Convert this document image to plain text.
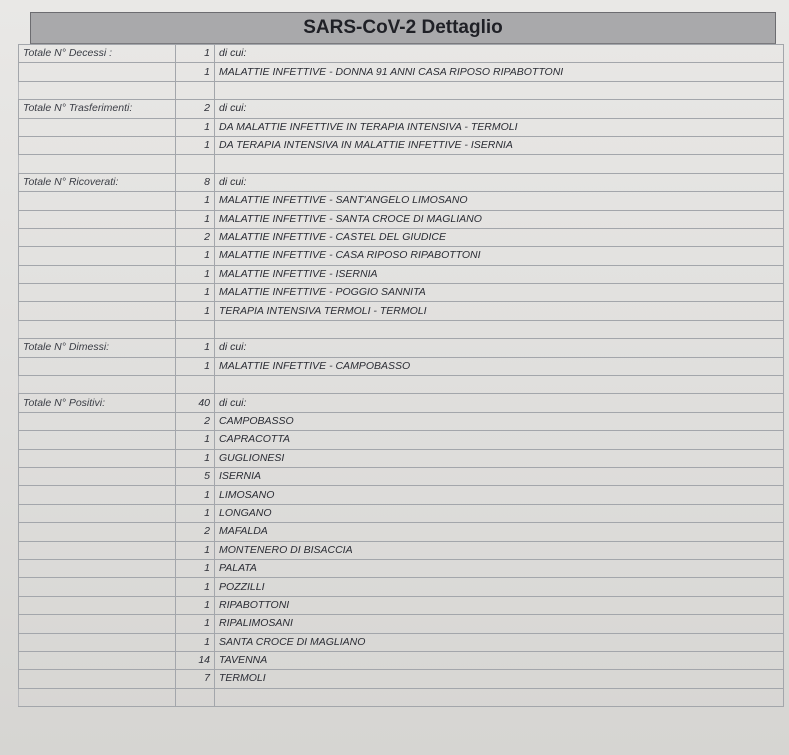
SARS-CoV-2 Dettaglio
Totale N° Decessi :	1	di cui:
	1	MALATTIE INFETTIVE - DONNA 91 ANNI CASA RIPOSO RIPABOTTONI

Totale N° Trasferimenti:	2	di cui:
	1	DA MALATTIE INFETTIVE IN TERAPIA INTENSIVA - TERMOLI
	1	DA TERAPIA INTENSIVA IN MALATTIE INFETTIVE - ISERNIA

Totale N° Ricoverati:	8	di cui:
	1	MALATTIE INFETTIVE - SANT'ANGELO LIMOSANO
	1	MALATTIE INFETTIVE - SANTA CROCE DI MAGLIANO
	2	MALATTIE INFETTIVE - CASTEL DEL GIUDICE
	1	MALATTIE INFETTIVE - CASA RIPOSO RIPABOTTONI
	1	MALATTIE INFETTIVE - ISERNIA
	1	MALATTIE INFETTIVE - POGGIO SANNITA
	1	TERAPIA INTENSIVA TERMOLI - TERMOLI

Totale N° Dimessi:	1	di cui:
	1	MALATTIE INFETTIVE - CAMPOBASSO

Totale N° Positivi:	40	di cui:
	2	CAMPOBASSO
	1	CAPRACOTTA
	1	GUGLIONESI
	5	ISERNIA
	1	LIMOSANO
	1	LONGANO
	2	MAFALDA
	1	MONTENERO DI BISACCIA
	1	PALATA
	1	POZZILLI
	1	RIPABOTTONI
	1	RIPALIMOSANI
	1	SANTA CROCE DI MAGLIANO
	14	TAVENNA
	7	TERMOLI
